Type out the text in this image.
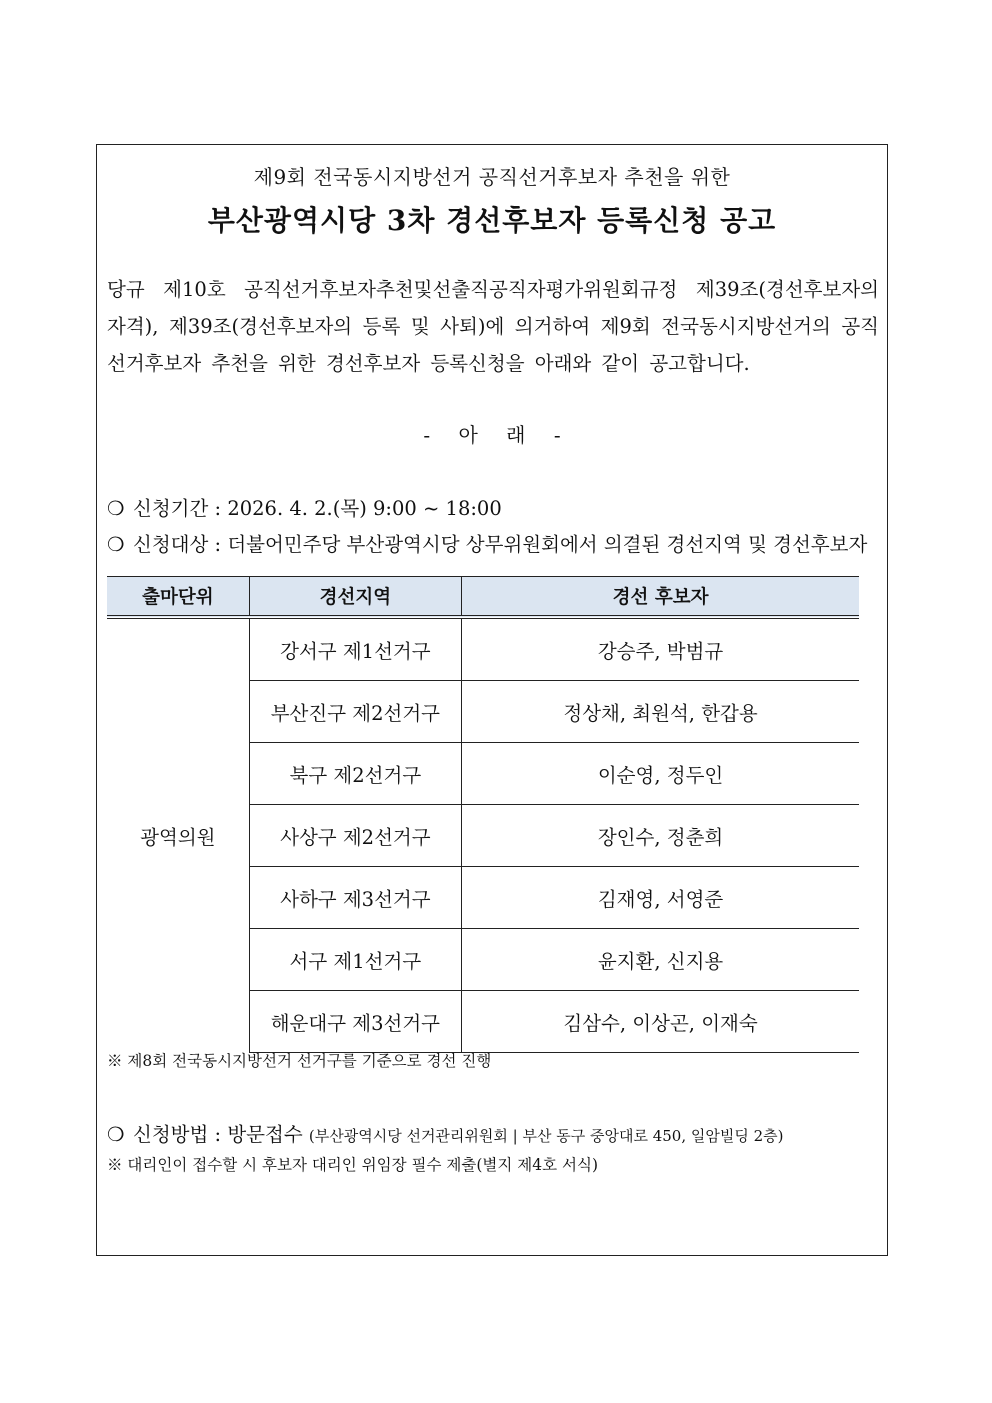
제9회 전국동시지방선거 공직선거후보자 추천을 위한
부산광역시당 3차 경선후보자 등록신청 공고
당규 제10호 공직선거후보자추천및선출직공직자평가위원회규정 제39조(경선후보자의 자격), 제39조(경선후보자의 등록 및 사퇴)에 의거하여 제9회 전국동시지방선거의 공직선거후보자 추천을 위한 경선후보자 등록신청을 아래와 같이 공고합니다.
- 아 래 -
❍ 신청기간 : 2026. 4. 2.(목) 9:00 ~ 18:00
❍ 신청대상 : 더불어민주당 부산광역시당 상무위원회에서 의결된 경선지역 및 경선후보자
출마단위	경선지역	경선 후보자
광역의원	강서구 제1선거구	강승주, 박범규
	부산진구 제2선거구	정상채, 최원석, 한갑용
	북구 제2선거구	이순영, 정두인
	사상구 제2선거구	장인수, 정춘희
	사하구 제3선거구	김재영, 서영준
	서구 제1선거구	윤지환, 신지용
	해운대구 제3선거구	김삼수, 이상곤, 이재숙
※ 제8회 전국동시지방선거 선거구를 기준으로 경선 진행
❍ 신청방법 : 방문접수 (부산광역시당 선거관리위원회 | 부산 동구 중앙대로 450, 일암빌딩 2층)
※ 대리인이 접수할 시 후보자 대리인 위임장 필수 제출(별지 제4호 서식)
